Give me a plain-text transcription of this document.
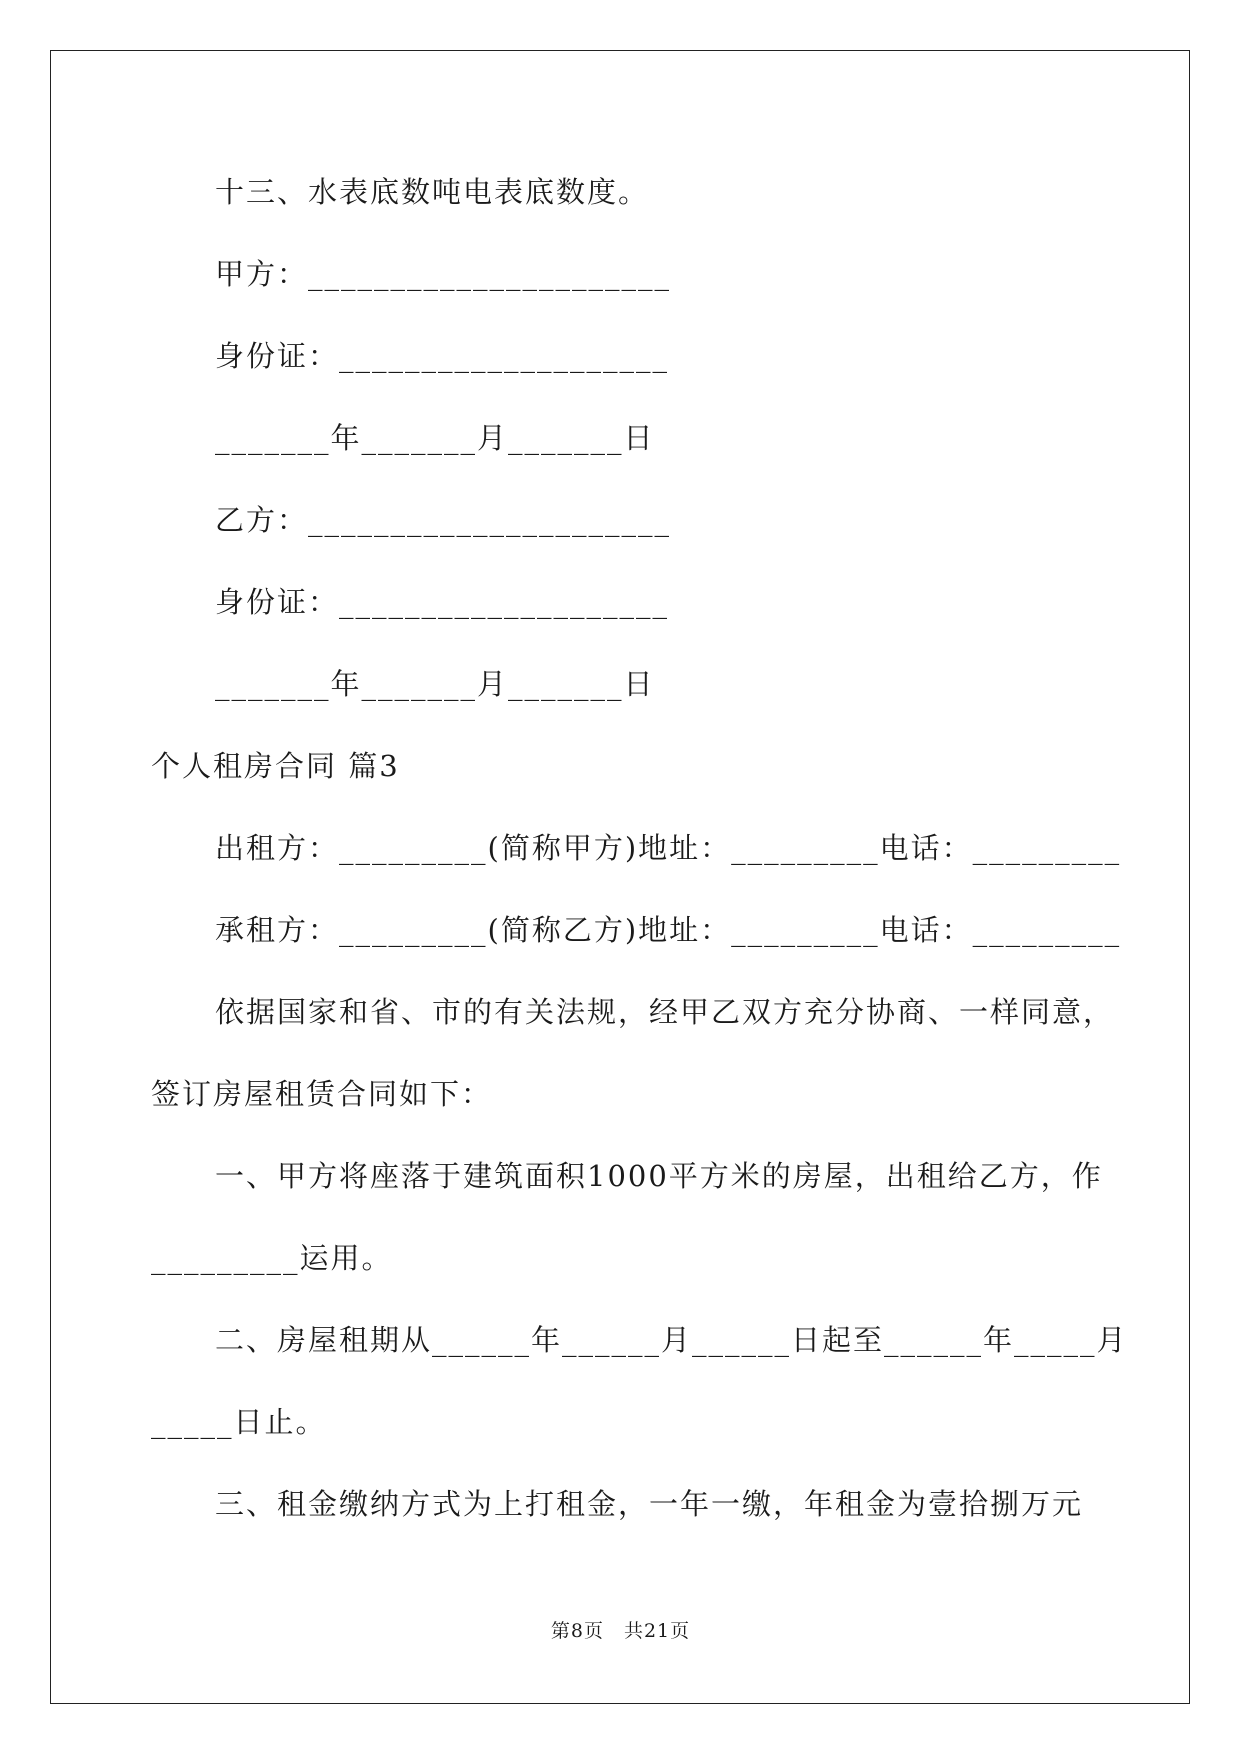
十三、水表底数吨电表底数度。
甲方：______________________
身份证：____________________
_______年_______月_______日
乙方：______________________
身份证：____________________
_______年_______月_______日
个人租房合同 篇3
出租方：_________(简称甲方)地址：_________电话：_________
承租方：_________(简称乙方)地址：_________电话：_________
依据国家和省、市的有关法规，经甲乙双方充分协商、一样同意，
签订房屋租赁合同如下：
一、甲方将座落于建筑面积1000平方米的房屋，出租给乙方，作
_________运用。
二、房屋租期从______年______月______日起至______年_____月
_____日止。
三、租金缴纳方式为上打租金，一年一缴，年租金为壹拾捌万元
第8页　共21页
